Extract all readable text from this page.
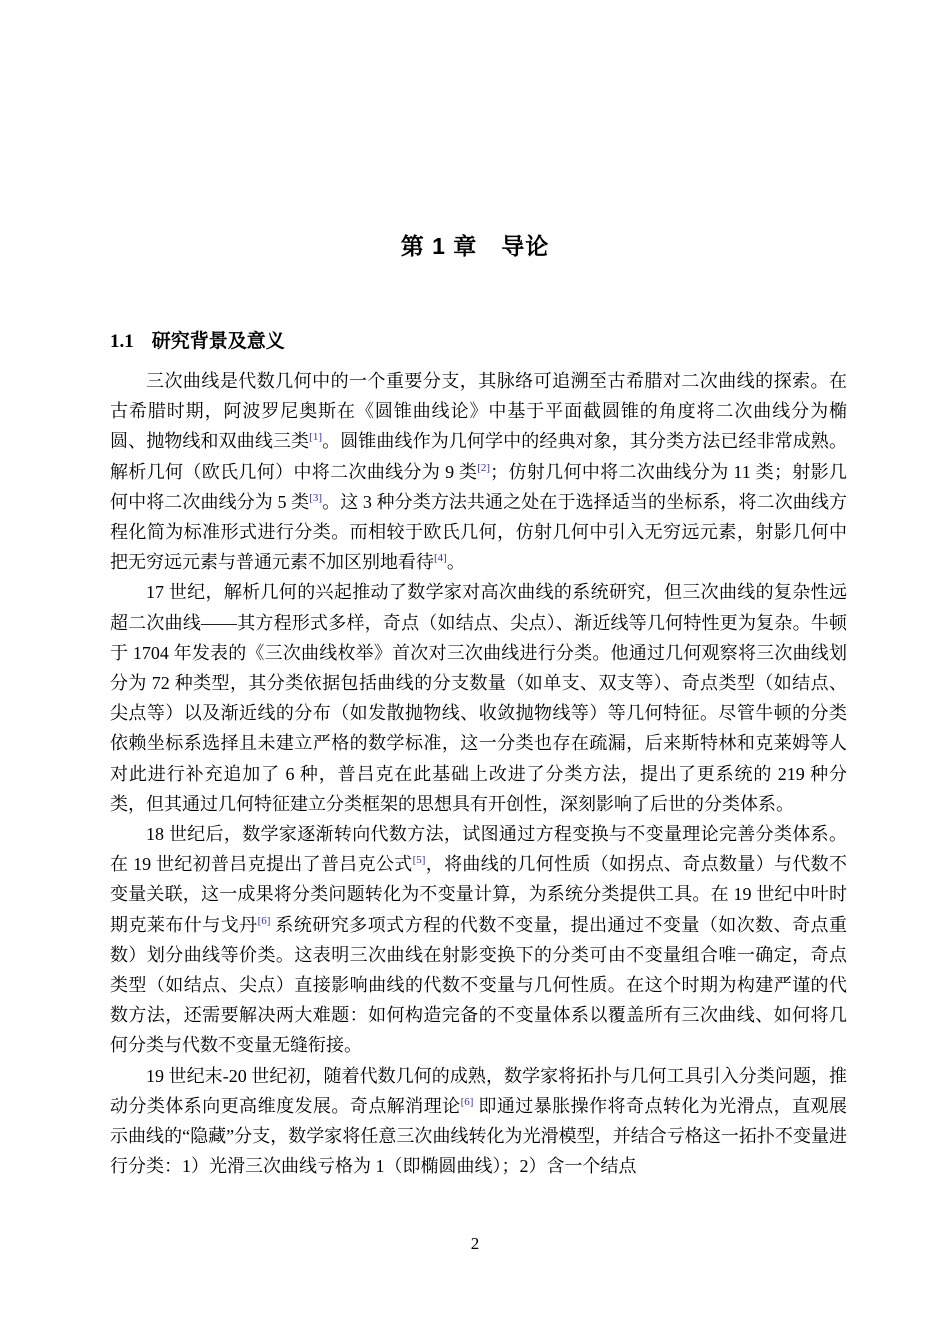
第 1 章　导论
1.1 研究背景及意义

三次曲线是代数几何中的一个重要分支，其脉络可追溯至古希腊对二次曲线的探索。在古希腊时期，阿波罗尼奥斯在《圆锥曲线论》中基于平面截圆锥的角度将二次曲线分为椭圆、抛物线和双曲线三类[1]。圆锥曲线作为几何学中的经典对象，其分类方法已经非常成熟。解析几何（欧氏几何）中将二次曲线分为 9 类[2]；仿射几何中将二次曲线分为 11 类；射影几何中将二次曲线分为 5 类[3]。这 3 种分类方法共通之处在于选择适当的坐标系，将二次曲线方程化简为标准形式进行分类。而相较于欧氏几何，仿射几何中引入无穷远元素，射影几何中把无穷远元素与普通元素不加区别地看待[4]。

17 世纪，解析几何的兴起推动了数学家对高次曲线的系统研究，但三次曲线的复杂性远超二次曲线——其方程形式多样，奇点（如结点、尖点）、渐近线等几何特性更为复杂。牛顿于 1704 年发表的《三次曲线枚举》首次对三次曲线进行分类。他通过几何观察将三次曲线划分为 72 种类型，其分类依据包括曲线的分支数量（如单支、双支等）、奇点类型（如结点、尖点等）以及渐近线的分布（如发散抛物线、收敛抛物线等）等几何特征。尽管牛顿的分类依赖坐标系选择且未建立严格的数学标准，这一分类也存在疏漏，后来斯特林和克莱姆等人对此进行补充追加了 6 种，普吕克在此基础上改进了分类方法，提出了更系统的 219 种分类，但其通过几何特征建立分类框架的思想具有开创性，深刻影响了后世的分类体系。

18 世纪后，数学家逐渐转向代数方法，试图通过方程变换与不变量理论完善分类体系。在 19 世纪初普吕克提出了普吕克公式[5]，将曲线的几何性质（如拐点、奇点数量）与代数不变量关联，这一成果将分类问题转化为不变量计算，为系统分类提供工具。在 19 世纪中叶时期克莱布什与戈丹[6] 系统研究多项式方程的代数不变量，提出通过不变量（如次数、奇点重数）划分曲线等价类。这表明三次曲线在射影变换下的分类可由不变量组合唯一确定，奇点类型（如结点、尖点）直接影响曲线的代数不变量与几何性质。在这个时期为构建严谨的代数方法，还需要解决两大难题：如何构造完备的不变量体系以覆盖所有三次曲线、如何将几何分类与代数不变量无缝衔接。

19 世纪末-20 世纪初，随着代数几何的成熟，数学家将拓扑与几何工具引入分类问题，推动分类体系向更高维度发展。奇点解消理论[6] 即通过暴胀操作将奇点转化为光滑点，直观展示曲线的“隐藏”分支，数学家将任意三次曲线转化为光滑模型，并结合亏格这一拓扑不变量进行分类：1）光滑三次曲线亏格为 1（即椭圆曲线）；2）含一个结点

2
